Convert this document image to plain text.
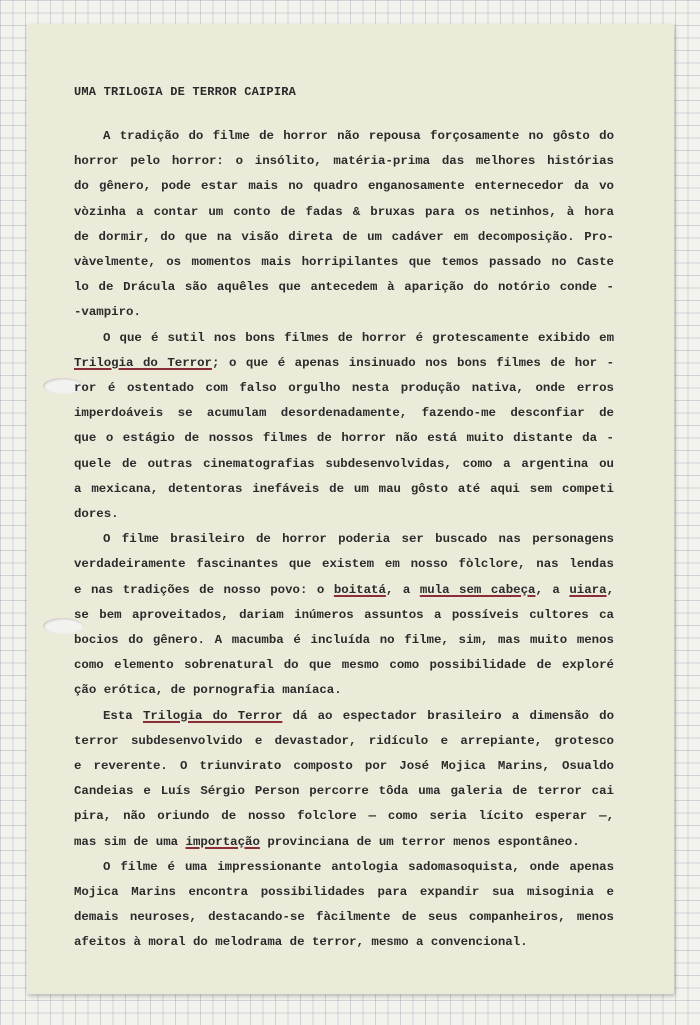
UMA TRILOGIA DE TERROR CAIPIRA
A tradição do filme de horror não repousa forçosamente no gôsto do
horror pelo horror: o insólito, matéria-prima das melhores histórias
do gênero, pode estar mais no quadro enganosamente enternecedor da vo
vòzinha a contar um conto de fadas & bruxas para os netinhos, à hora
de dormir, do que na visão direta de um cadáver em decomposição. Pro-
vàvelmente, os momentos mais horripilantes que temos passado no Caste
lo de Drácula são aquêles que antecedem à aparição do notório conde -
-vampiro.
O que é sutil nos bons filmes de horror é grotescamente exibido em
Trilogia do Terror; o que é apenas insinuado nos bons filmes de hor -
ror é ostentado com falso orgulho nesta produção nativa, onde erros
imperdoáveis se acumulam desordenadamente, fazendo-me desconfiar de
que o estágio de nossos filmes de horror não está muito distante da -
quele de outras cinematografias subdesenvolvidas, como a argentina ou
a mexicana, detentoras inefáveis de um mau gôsto até aqui sem competi
dores.
O filme brasileiro de horror poderia ser buscado nas personagens
verdadeiramente fascinantes que existem em nosso fòlclore, nas lendas
e nas tradições de nosso povo: o boitatá, a mula sem cabeça, a uiara,
se bem aproveitados, dariam inúmeros assuntos a possíveis cultores ca
bocios do gênero. A macumba é incluída no filme, sim, mas muito menos
como elemento sobrenatural do que mesmo como possibilidade de exploré
ção erótica, de pornografia maníaca.
Esta Trilogia do Terror dá ao espectador brasileiro a dimensão do
terror subdesenvolvido e devastador, ridículo e arrepiante, grotesco
e reverente. O triunvirato composto por José Mojica Marins, Osualdo
Candeias e Luís Sérgio Person percorre tôda uma galeria de terror cai
pira, não oriundo de nosso folclore — como seria lícito esperar —,
mas sim de uma importação provinciana de um terror menos espontâneo.
O filme é uma impressionante antologia sadomasoquista, onde apenas
Mojica Marins encontra possibilidades para expandir sua misoginia e
demais neuroses, destacando-se fàcilmente de seus companheiros, menos
afeitos à moral do melodrama de terror, mesmo a convencional.
